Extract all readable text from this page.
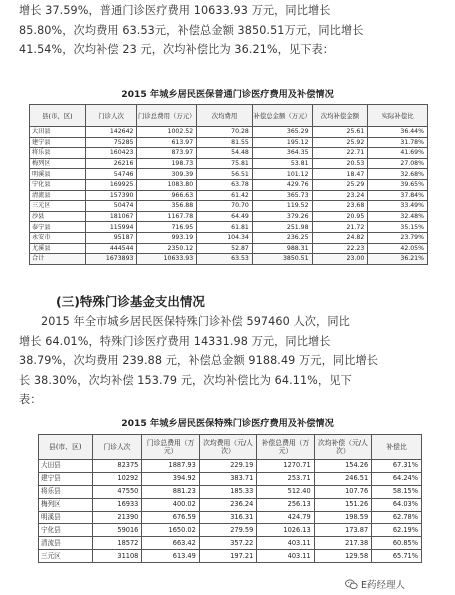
增长 37.59%，普通门诊医疗费用 10633.93 万元，同比增长
85.80%，次均费用 63.53元，补偿总金额 3850.51万元，同比增长
41.54%，次均补偿 23 元，次均补偿比为 36.21%，见下表：
2015 年城乡居民医保普通门诊医疗费用及补偿情况
县(市、区)	门诊人次	门诊总费用（万元）	次均费用	补偿总金额（万元）	次均补偿金额	实际补偿比
大田县	142642	1002.52	70.28	365.29	25.61	36.44%
建宁县	75285	613.97	81.55	195.12	25.92	31.78%
将乐县	160423	873.97	54.48	364.35	22.71	41.69%
梅列区	26216	198.73	75.81	53.81	20.53	27.08%
明溪县	54746	309.39	56.51	101.12	18.47	32.68%
宁化县	169925	1083.80	63.78	429.76	25.29	39.65%
清流县	157390	966.63	61.42	365.73	23.24	37.84%
三元区	50474	356.88	70.70	119.52	23.68	33.49%
沙县	181067	1167.78	64.49	379.26	20.95	32.48%
泰宁县	115994	716.95	61.81	251.98	21.72	35.15%
永安市	95187	993.19	104.34	236.25	24.82	23.79%
尤溪县	444544	2350.12	52.87	988.31	22.23	42.05%
合计	1673893	10633.93	63.53	3850.51	23.00	36.21%
(三)特殊门诊基金支出情况
2015 年全市城乡居民医保特殊门诊补偿 597460 人次，同比
增长 64.01%，特殊门诊医疗费用 14331.98 万元，同比增长
38.79%，次均费用 239.88 元，补偿总金额 9188.49 万元，同比增长
长 38.30%，次均补偿 153.79 元，次均补偿比为 64.11%，见下
表：
2015 年城乡居民医保特殊门诊医疗费用及补偿情况
县(市、区)	门诊人次	门诊总费用（万元）	次均费用（元/人次）	补偿总费用（万元）	次均补偿（元/人次）	补偿比
大田县	82375	1887.93	229.19	1270.71	154.26	67.31%
建宁县	10292	394.92	383.71	253.71	246.51	64.24%
将乐县	47550	881.23	185.33	512.40	107.76	58.15%
梅列区	16933	400.02	236.24	256.13	151.26	64.03%
明溪县	21390	676.59	316.31	424.79	198.59	62.78%
宁化县	59016	1650.02	279.59	1026.13	173.87	62.19%
清流县	18572	663.42	357.22	403.11	217.38	60.85%
三元区	31108	613.49	197.21	403.11	129.58	65.71%
E药经理人
